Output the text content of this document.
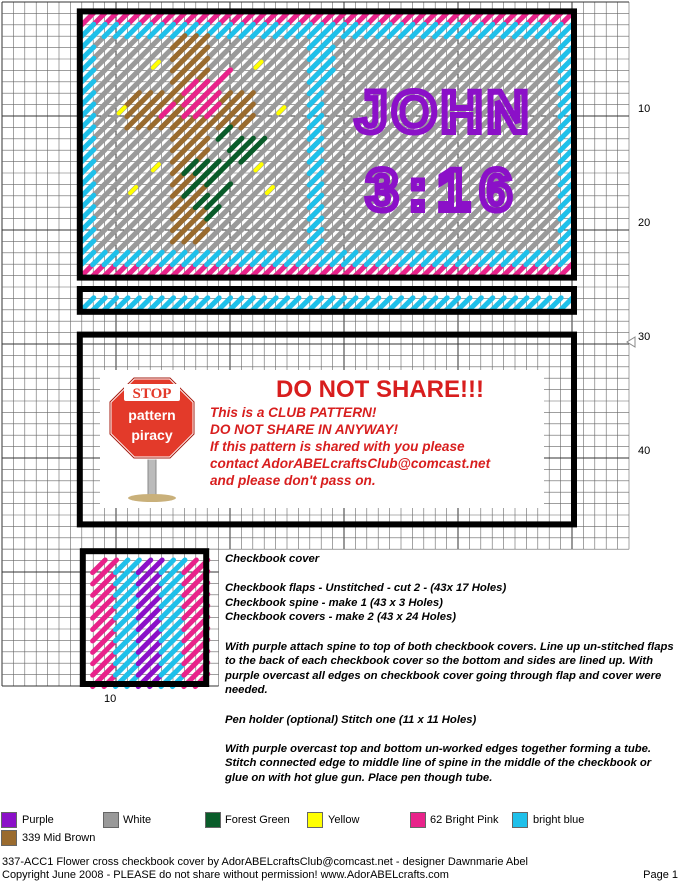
JOHN
3:16
10
20
30
40
10
STOP
pattern
piracy
DO NOT SHARE!!!

This is a CLUB PATTERN!

DO NOT SHARE IN ANYWAY!

If this pattern is shared with you please

contact AdorABELcraftsClub@comcast.net

and please don't pass on.

Checkbook cover

Checkbook flaps - Unstitched - cut 2 - (43x 17 Holes)

Checkbook spine - make 1 (43 x 3 Holes)

Checkbook covers - make 2 (43 x 24 Holes)

With purple attach spine to top of both checkbook covers. Line up un-stitched flaps to the back of each checkbook cover so the bottom and sides are lined up. With purple overcast all edges on checkbook cover going through flap and cover were needed.

Pen holder (optional) Stitch one (11 x 11 Holes)

With purple overcast top and bottom un-worked edges together forming a tube. Stitch connected edge to middle line of spine in the middle of the checkbook or glue on with hot glue gun. Place pen though tube.

Purple	White	Forest Green	Yellow	62 Bright Pink	bright blue
339 Mid Brown
337-ACC1 Flower cross checkbook cover by AdorABELcraftsClub@comcast.net - designer Dawnmarie Abel
Copyright June 2008 - PLEASE do not share without permission! www.AdorABELcrafts.com	Page 1
